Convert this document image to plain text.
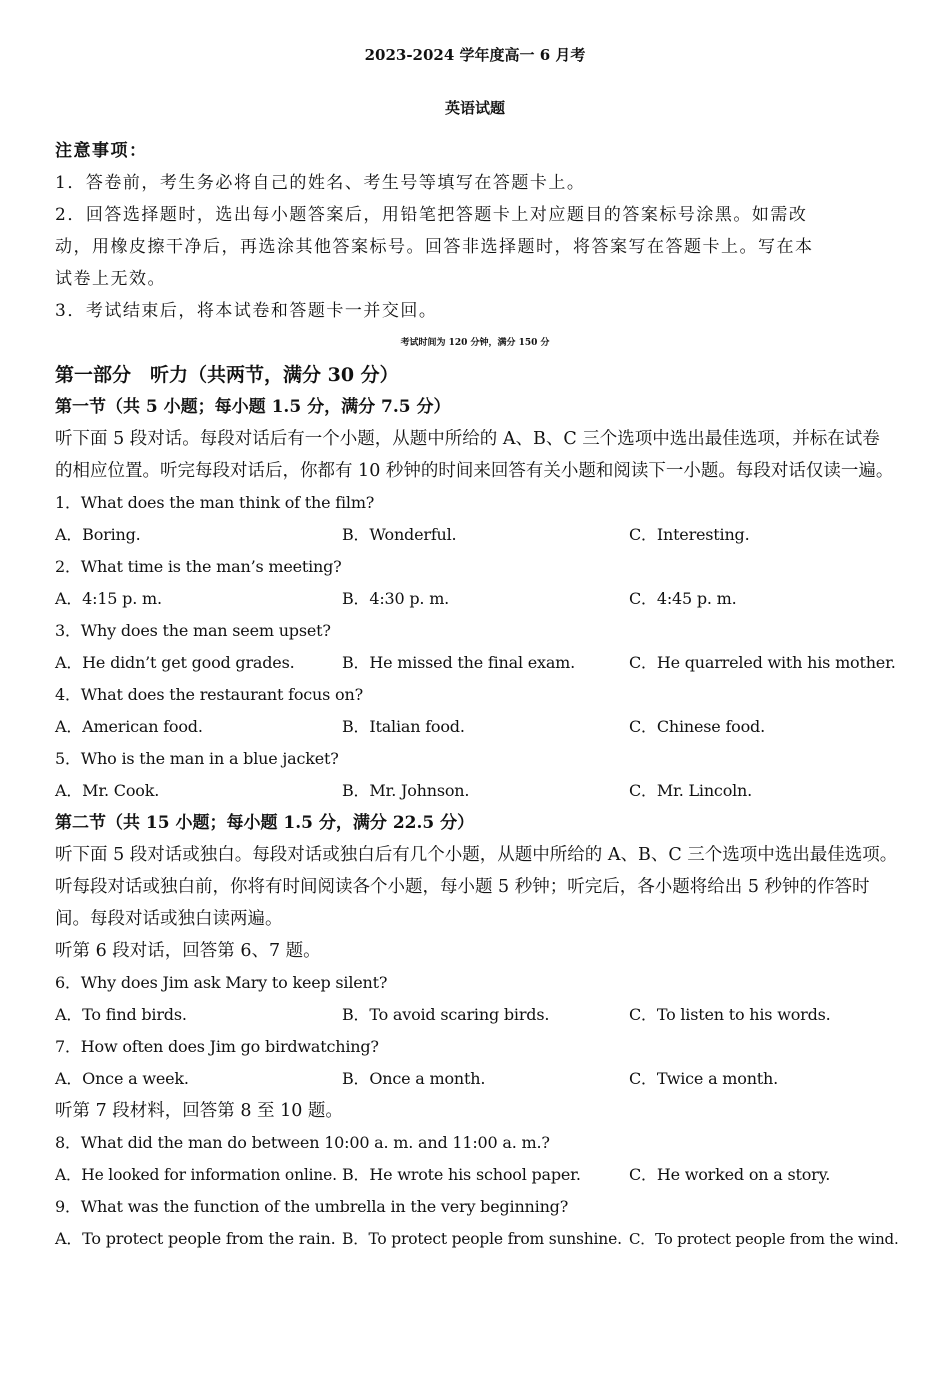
2023-2024 学年度高一 6 月考
英语试题
注意事项：
1．答卷前，考生务必将自己的姓名、考生号等填写在答题卡上。
2．回答选择题时，选出每小题答案后，用铅笔把答题卡上对应题目的答案标号涂黑。如需改
动，用橡皮擦干净后，再选涂其他答案标号。回答非选择题时，将答案写在答题卡上。写在本
试卷上无效。
3．考试结束后，将本试卷和答题卡一并交回。
考试时间为 120 分钟，满分 150 分
第一部分　听力（共两节，满分 30 分）
第一节（共 5 小题；每小题 1.5 分，满分 7.5 分）
听下面 5 段对话。每段对话后有一个小题，从题中所给的 A、B、C 三个选项中选出最佳选项，并标在试卷
的相应位置。听完每段对话后，你都有 10 秒钟的时间来回答有关小题和阅读下一小题。每段对话仅读一遍。
1．What does the man think of the film?
A．Boring.	B．Wonderful.	C．Interesting.
2．What time is the man’s meeting?
A．4:15 p. m.	B．4:30 p. m.	C．4:45 p. m.
3．Why does the man seem upset?
A．He didn’t get good grades.	B．He missed the final exam.	C．He quarreled with his mother.
4．What does the restaurant focus on?
A．American food.	B．Italian food.	C．Chinese food.
5．Who is the man in a blue jacket?
A．Mr. Cook.	B．Mr. Johnson.	C．Mr. Lincoln.
第二节（共 15 小题；每小题 1.5 分，满分 22.5 分）
听下面 5 段对话或独白。每段对话或独白后有几个小题，从题中所给的 A、B、C 三个选项中选出最佳选项。
听每段对话或独白前，你将有时间阅读各个小题，每小题 5 秒钟；听完后，各小题将给出 5 秒钟的作答时
间。每段对话或独白读两遍。
听第 6 段对话，回答第 6、7 题。
6．Why does Jim ask Mary to keep silent?
A．To find birds.	B．To avoid scaring birds.	C．To listen to his words.
7．How often does Jim go birdwatching?
A．Once a week.	B．Once a month.	C．Twice a month.
听第 7 段材料，回答第 8 至 10 题。
8．What did the man do between 10:00 a. m. and 11:00 a. m.?
A．He looked for information online. B．He wrote his school paper.	C．He worked on a story.
9．What was the function of the umbrella in the very beginning?
A．To protect people from the rain. B．To protect people from sunshine. C．To protect people from the wind.
